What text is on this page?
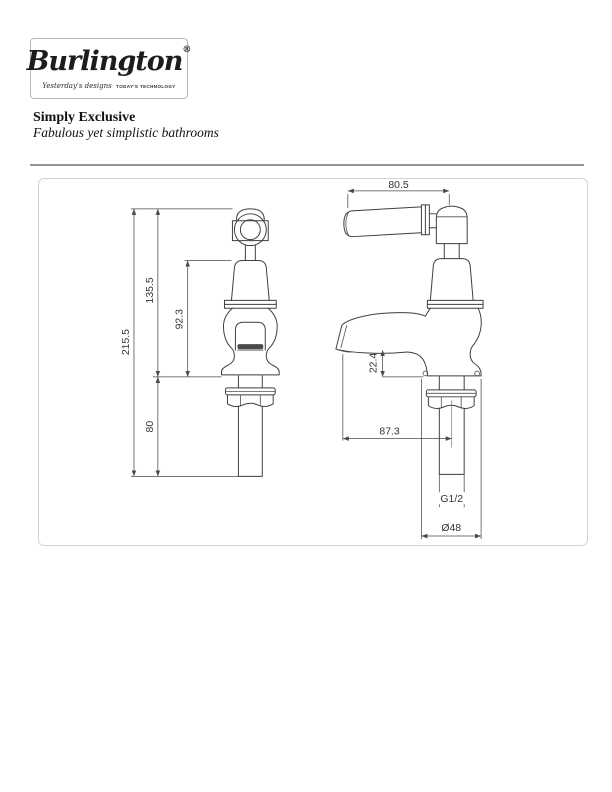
Burlington®
Yesterday's designs TODAY'S TECHNOLOGY
Simply Exclusive
Fabulous yet simplistic bathrooms
215.5
135.5
92.3
80
80.5
22.4
87.3
G1/2
Ø48
